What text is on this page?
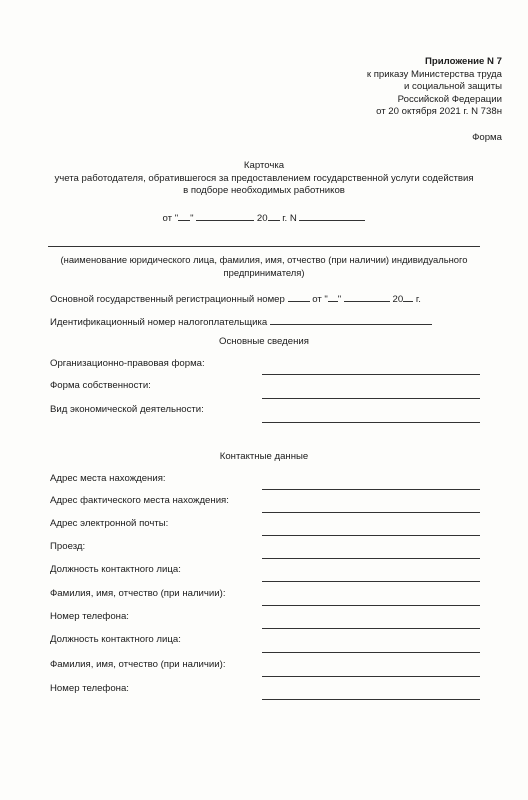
Приложение N 7
к приказу Министерства труда
и социальной защиты
Российской Федерации
от 20 октября 2021 г. N 738н
Форма
Карточка
учета работодателя, обратившегося за предоставлением государственной услуги содействия
в подборе необходимых работников
от " "	20 г. N
(наименование юридического лица, фамилия, имя, отчество (при наличии) индивидуального
предпринимателя)
Основной государственный регистрационный номер	от " "	20 г.
Идентификационный номер налогоплательщика
Основные сведения
Организационно-правовая форма:
Форма собственности:
Вид экономической деятельности:
Контактные данные
Адрес места нахождения:
Адрес фактического места нахождения:
Адрес электронной почты:
Проезд:
Должность контактного лица:
Фамилия, имя, отчество (при наличии):
Номер телефона:
Должность контактного лица:
Фамилия, имя, отчество (при наличии):
Номер телефона:
